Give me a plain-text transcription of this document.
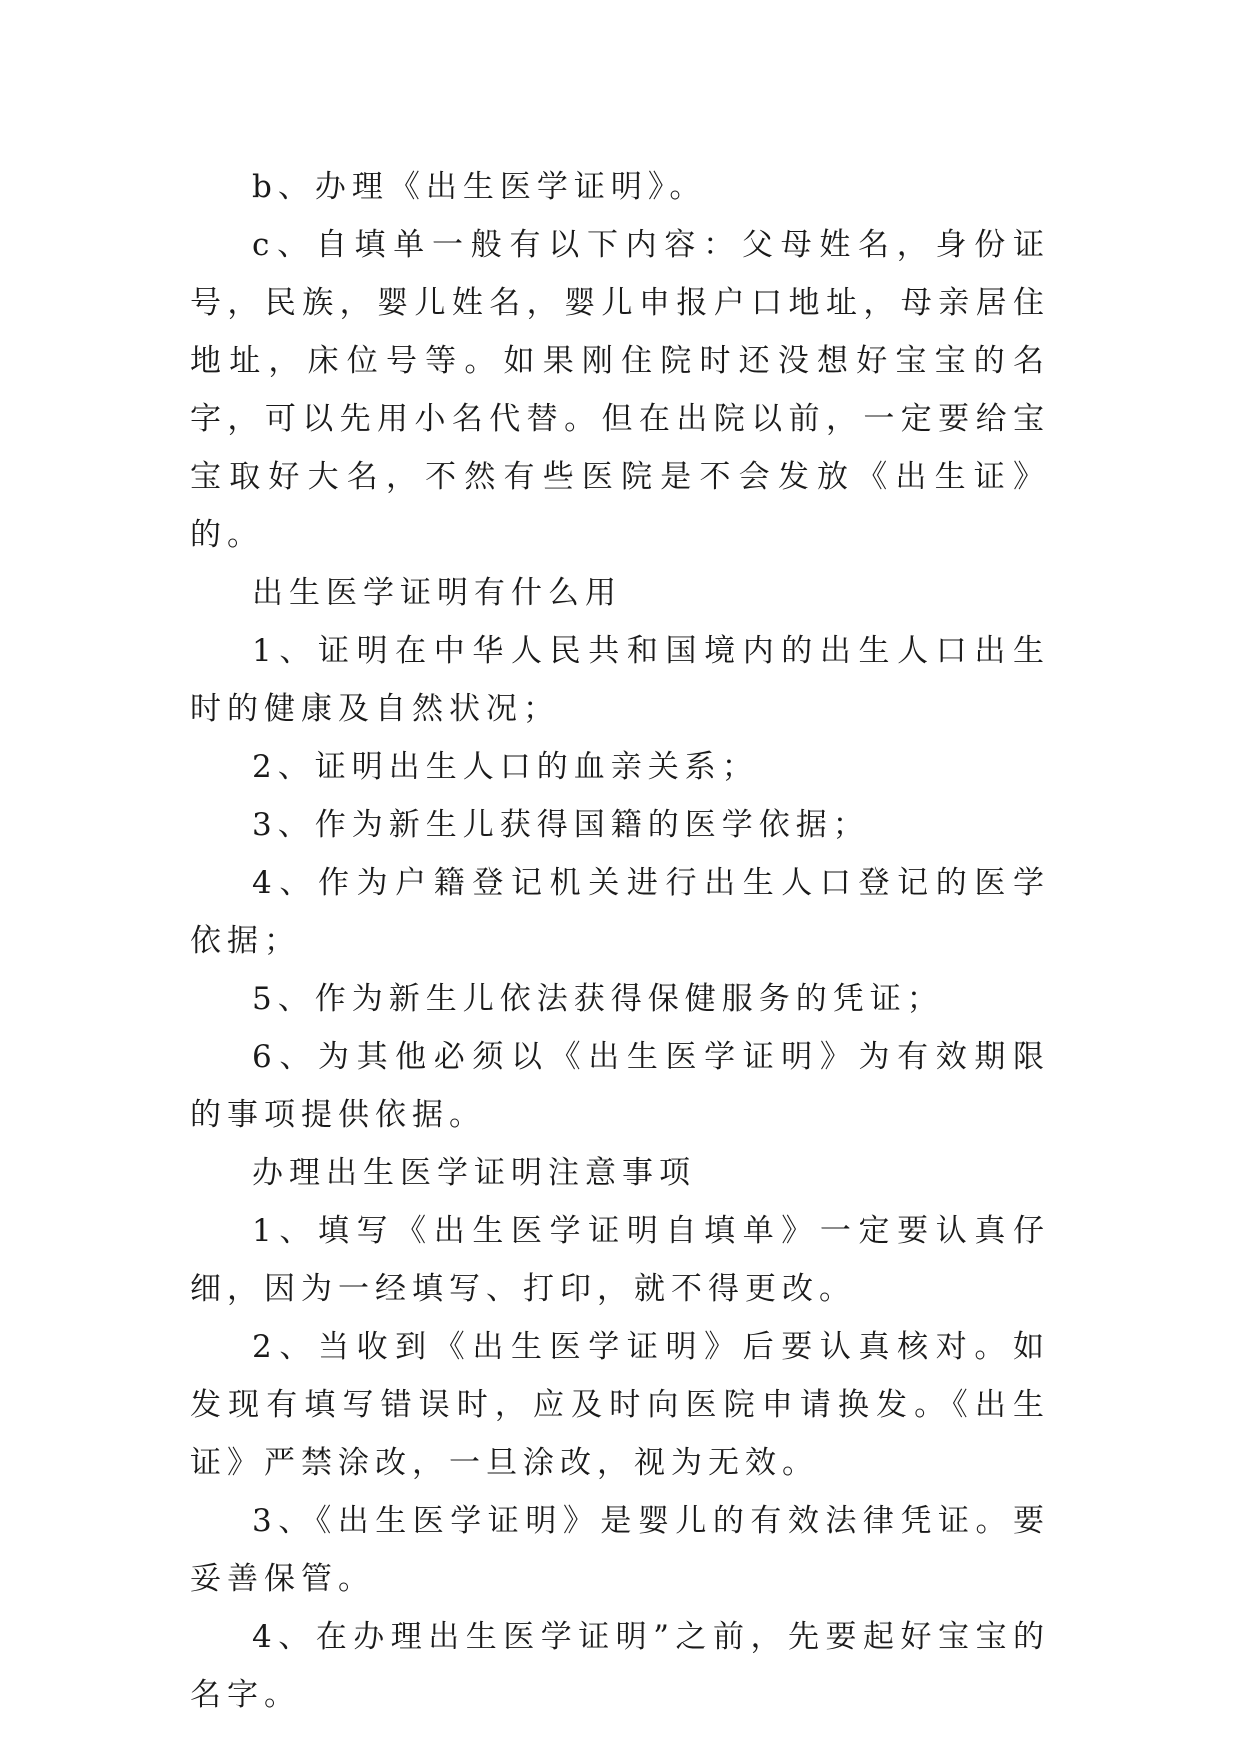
b、办理《出生医学证明》。

c、自填单一般有以下内容：父母姓名，身份证号，民族，婴儿姓名，婴儿申报户口地址，母亲居住地址，床位号等。如果刚住院时还没想好宝宝的名字，可以先用小名代替。但在出院以前，一定要给宝宝取好大名，不然有些医院是不会发放《出生证》的。

出生医学证明有什么用

1、证明在中华人民共和国境内的出生人口出生时的健康及自然状况；

2、证明出生人口的血亲关系；

3、作为新生儿获得国籍的医学依据；

4、作为户籍登记机关进行出生人口登记的医学依据；

5、作为新生儿依法获得保健服务的凭证；

6、为其他必须以《出生医学证明》为有效期限的事项提供依据。

办理出生医学证明注意事项

1、填写《出生医学证明自填单》一定要认真仔细，因为一经填写、打印，就不得更改。

2、当收到《出生医学证明》后要认真核对。如发现有填写错误时，应及时向医院申请换发。《出生证》严禁涂改，一旦涂改，视为无效。

3、《出生医学证明》是婴儿的有效法律凭证。要妥善保管。

4、在办理出生医学证明”之前，先要起好宝宝的名字。
